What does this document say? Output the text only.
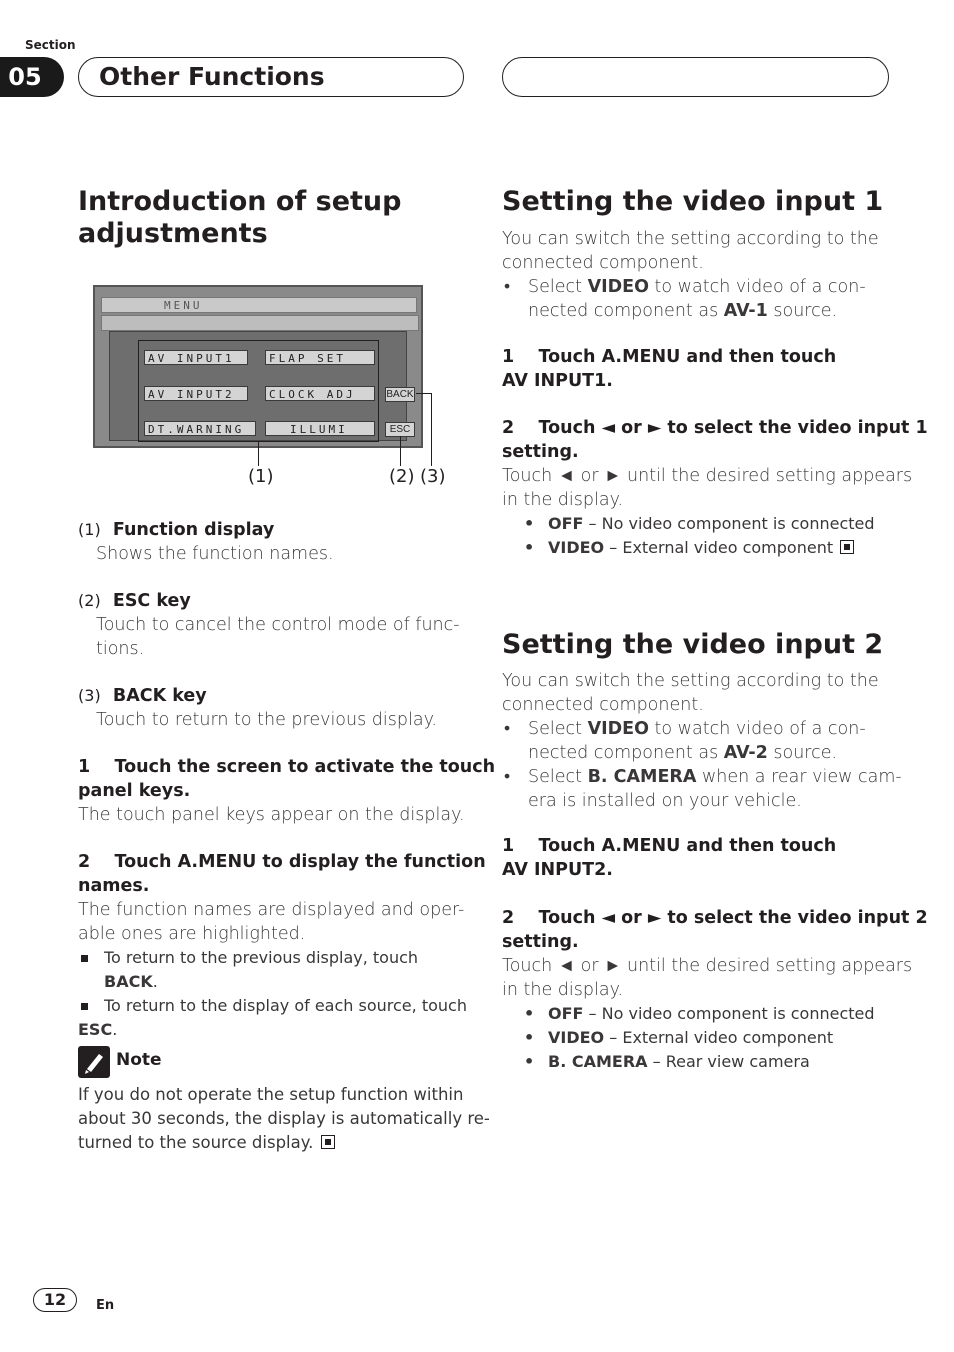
Section
05	Other Functions
Introduction of setup adjustments
MENU
AV INPUT1	FLAP SET
AV INPUT2	CLOCK ADJ
DT.WARNING	ILLUMI
BACK
ESC
(1)	(2) (3)
(1) Function display
Shows the function names.
(2) ESC key
Touch to cancel the control mode of func-
tions.
(3) BACK key
Touch to return to the previous display.
1    Touch the screen to activate the touch
panel keys.
The touch panel keys appear on the display.
2    Touch A.MENU to display the function
names.
The function names are displayed and oper-
able ones are highlighted.
To return to the previous display, touch BACK.
To return to the display of each source, touch
ESC.
Note
If you do not operate the setup function within
about 30 seconds, the display is automatically re-
turned to the source display.
Setting the video input 1
You can switch the setting according to the
connected component.
• Select VIDEO to watch video of a con-
nected component as AV-1 source.
1    Touch A.MENU and then touch
AV INPUT1.
2    Touch ◄ or ► to select the video input 1
setting.
Touch ◄ or ► until the desired setting appears
in the display.
• OFF – No video component is connected
• VIDEO – External video component
Setting the video input 2
You can switch the setting according to the
connected component.
• Select VIDEO to watch video of a con-
nected component as AV-2 source.
• Select B. CAMERA when a rear view cam-
era is installed on your vehicle.
1    Touch A.MENU and then touch
AV INPUT2.
2    Touch ◄ or ► to select the video input 2
setting.
Touch ◄ or ► until the desired setting appears
in the display.
• OFF – No video component is connected
• VIDEO – External video component
• B. CAMERA – Rear view camera
12	En
